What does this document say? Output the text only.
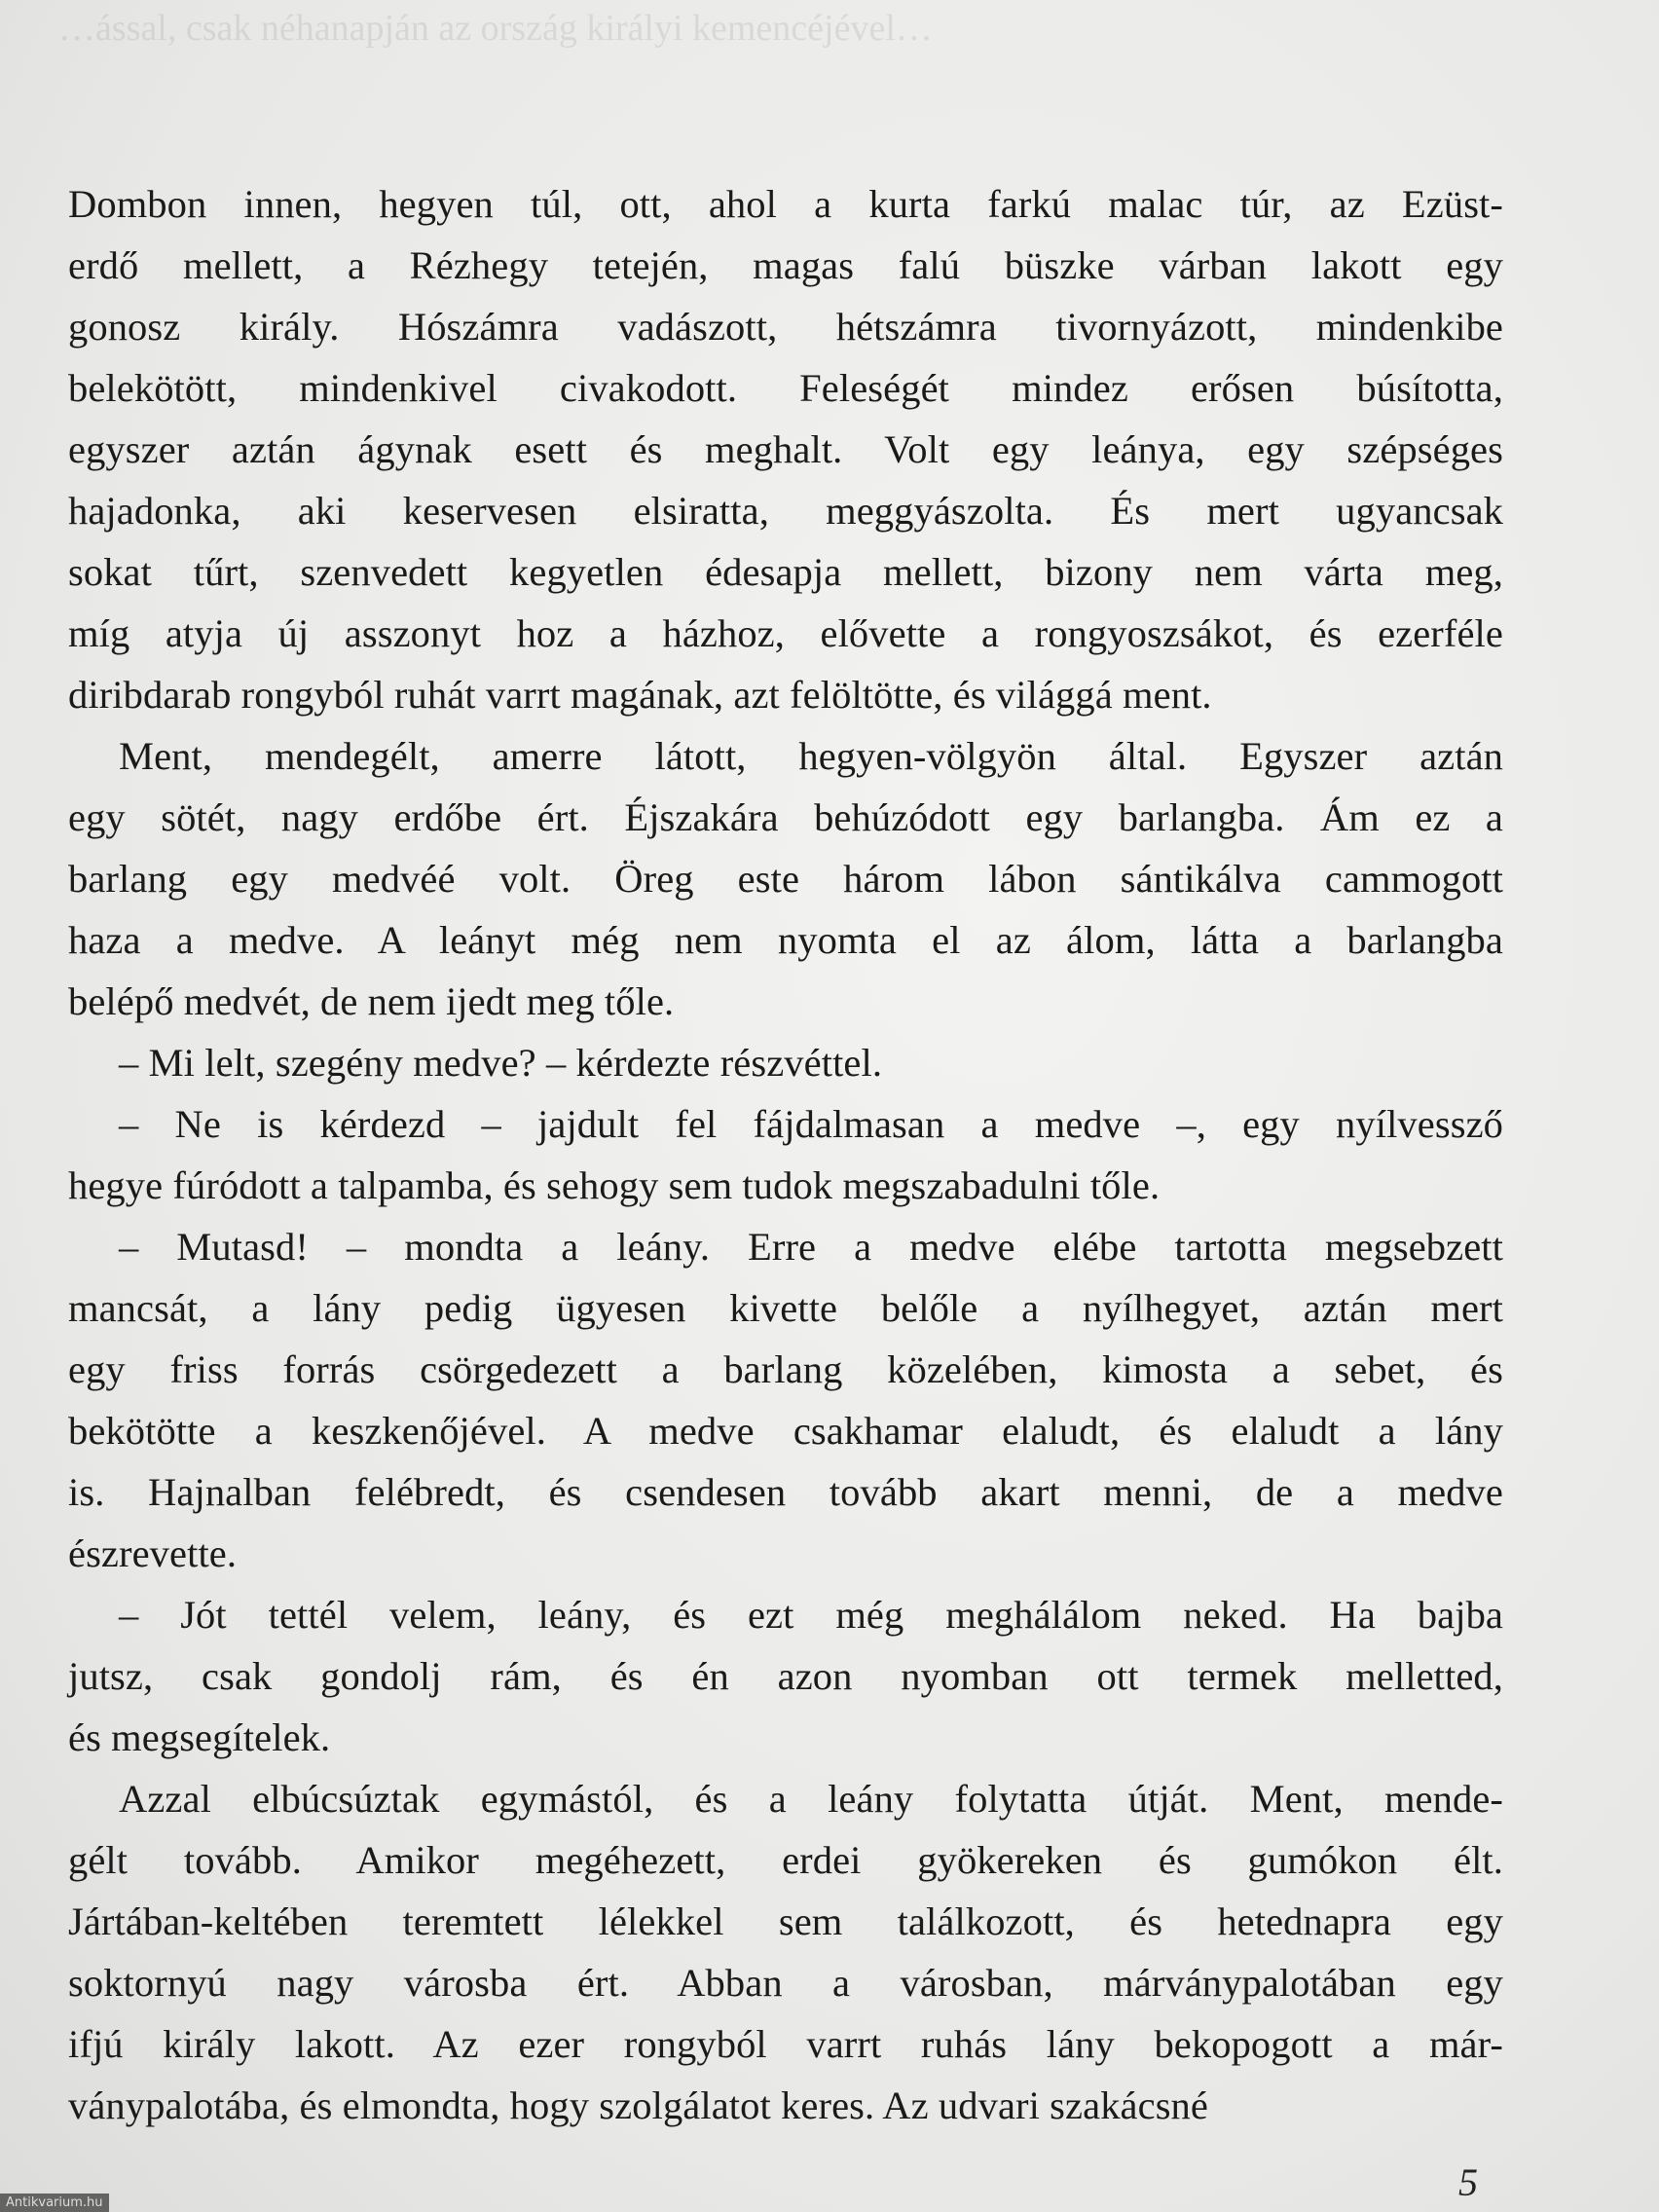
…ással, csak néhanapján az ország királyi kemencéjével…
Dombon innen, hegyen túl, ott, ahol a kurta farkú malac túr, az Ezüst-
erdő mellett, a Rézhegy tetején, magas falú büszke várban lakott egy
gonosz király. Hószámra vadászott, hétszámra tivornyázott, mindenkibe
belekötött, mindenkivel civakodott. Feleségét mindez erősen búsította,
egyszer aztán ágynak esett és meghalt. Volt egy leánya, egy szépséges
hajadonka, aki keservesen elsiratta, meggyászolta. És mert ugyancsak
sokat tűrt, szenvedett kegyetlen édesapja mellett, bizony nem várta meg,
míg atyja új asszonyt hoz a házhoz, elővette a rongyoszsákot, és ezerféle
diribdarab rongyból ruhát varrt magának, azt felöltötte, és világgá ment.
Ment, mendegélt, amerre látott, hegyen-völgyön által. Egyszer aztán
egy sötét, nagy erdőbe ért. Éjszakára behúzódott egy barlangba. Ám ez a
barlang egy medvéé volt. Öreg este három lábon sántikálva cammogott
haza a medve. A leányt még nem nyomta el az álom, látta a barlangba
belépő medvét, de nem ijedt meg tőle.
– Mi lelt, szegény medve? – kérdezte részvéttel.
– Ne is kérdezd – jajdult fel fájdalmasan a medve –, egy nyílvessző
hegye fúródott a talpamba, és sehogy sem tudok megszabadulni tőle.
– Mutasd! – mondta a leány. Erre a medve elébe tartotta megsebzett
mancsát, a lány pedig ügyesen kivette belőle a nyílhegyet, aztán mert
egy friss forrás csörgedezett a barlang közelében, kimosta a sebet, és
bekötötte a keszkenőjével. A medve csakhamar elaludt, és elaludt a lány
is. Hajnalban felébredt, és csendesen tovább akart menni, de a medve
észrevette.
– Jót tettél velem, leány, és ezt még meghálálom neked. Ha bajba
jutsz, csak gondolj rám, és én azon nyomban ott termek melletted,
és megsegítelek.
Azzal elbúcsúztak egymástól, és a leány folytatta útját. Ment, mende-
gélt tovább. Amikor megéhezett, erdei gyökereken és gumókon élt.
Jártában-keltében teremtett lélekkel sem találkozott, és hetednapra egy
soktornyú nagy városba ért. Abban a városban, márványpalotában egy
ifjú király lakott. Az ezer rongyból varrt ruhás lány bekopogott a már-
ványpalotába, és elmondta, hogy szolgálatot keres. Az udvari szakácsné
5
Antikvarium.hu
